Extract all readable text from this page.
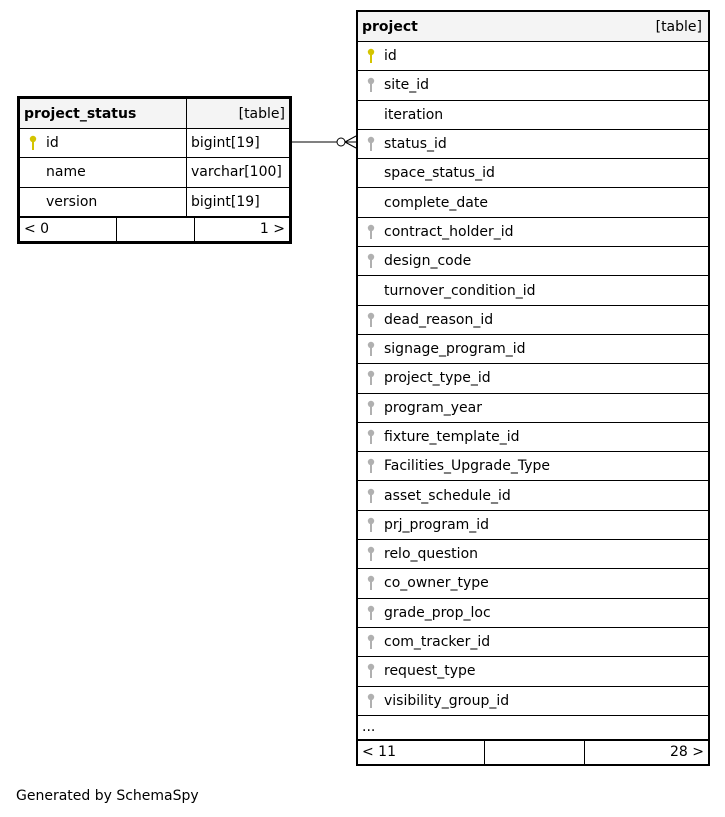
project_status	[table]
id	bigint[19]
name	varchar[100]
version	bigint[19]
< 0		1 >
project	[table]

id

site_id

iteration
status_id

space_status_id
complete_date
contract_holder_id

design_code

turnover_condition_id
dead_reason_id

signage_program_id

project_type_id

program_year

fixture_template_id

Facilities_Upgrade_Type

asset_schedule_id

prj_program_id

relo_question

co_owner_type

grade_prop_loc

com_tracker_id

request_type

visibility_group_id

...
< 11		28 >
Generated by SchemaSpy
